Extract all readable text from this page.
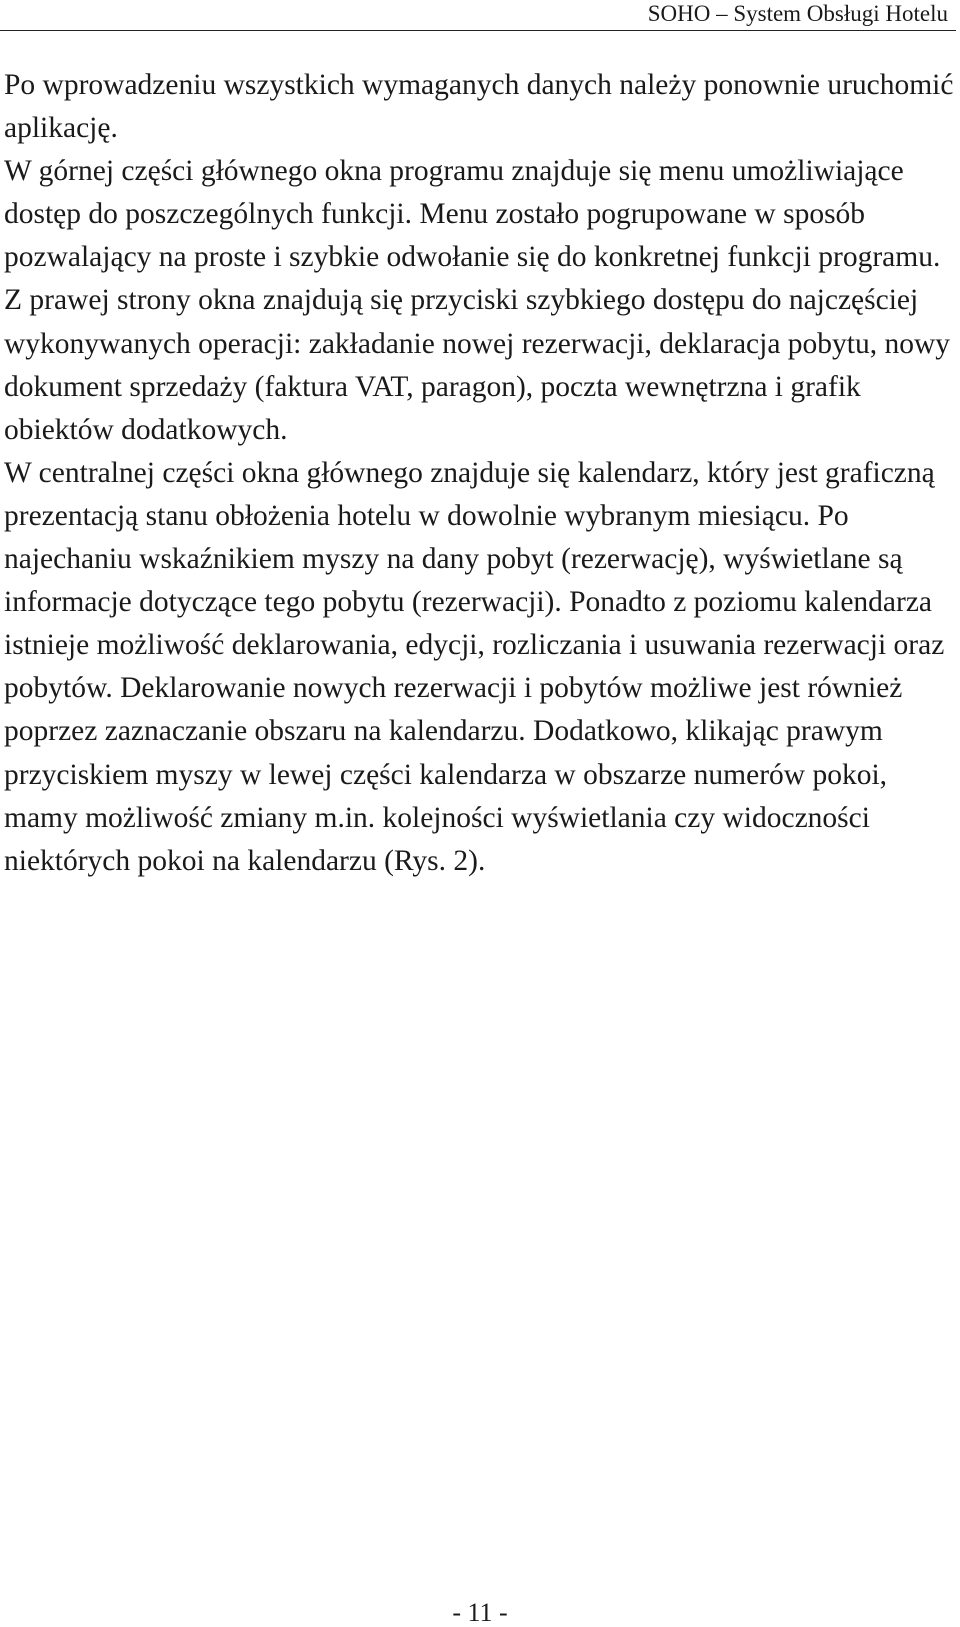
SOHO – System Obsługi Hotelu

Po wprowadzeniu wszystkich wymaganych danych należy ponownie uruchomić aplikację.

W górnej części głównego okna programu znajduje się menu umożliwiające dostęp do poszczególnych funkcji. Menu zostało pogrupowane w sposób pozwalający na proste i szybkie odwołanie się do konkretnej funkcji programu. Z prawej strony okna znajdują się przyciski szybkiego dostępu do najczęściej wykonywanych operacji: zakładanie nowej rezerwacji, deklaracja pobytu, nowy dokument sprzedaży (faktura VAT, paragon), poczta wewnętrzna i grafik obiektów dodatkowych.

W centralnej części okna głównego znajduje się kalendarz, który jest graficzną prezentacją stanu obłożenia hotelu w dowolnie wybranym miesiącu. Po najechaniu wskaźnikiem myszy na dany pobyt (rezerwację), wyświetlane są informacje dotyczące tego pobytu (rezerwacji). Ponadto z poziomu kalendarza istnieje możliwość deklarowania, edycji, rozliczania i usuwania rezerwacji oraz pobytów. Deklarowanie nowych rezerwacji i pobytów możliwe jest również poprzez zaznaczanie obszaru na kalendarzu. Dodatkowo, klikając prawym przyciskiem myszy w lewej części kalendarza w obszarze numerów pokoi, mamy możliwość zmiany m.in. kolejności wyświetlania czy widoczności niektórych pokoi na kalendarzu (Rys. 2).

- 11 -
